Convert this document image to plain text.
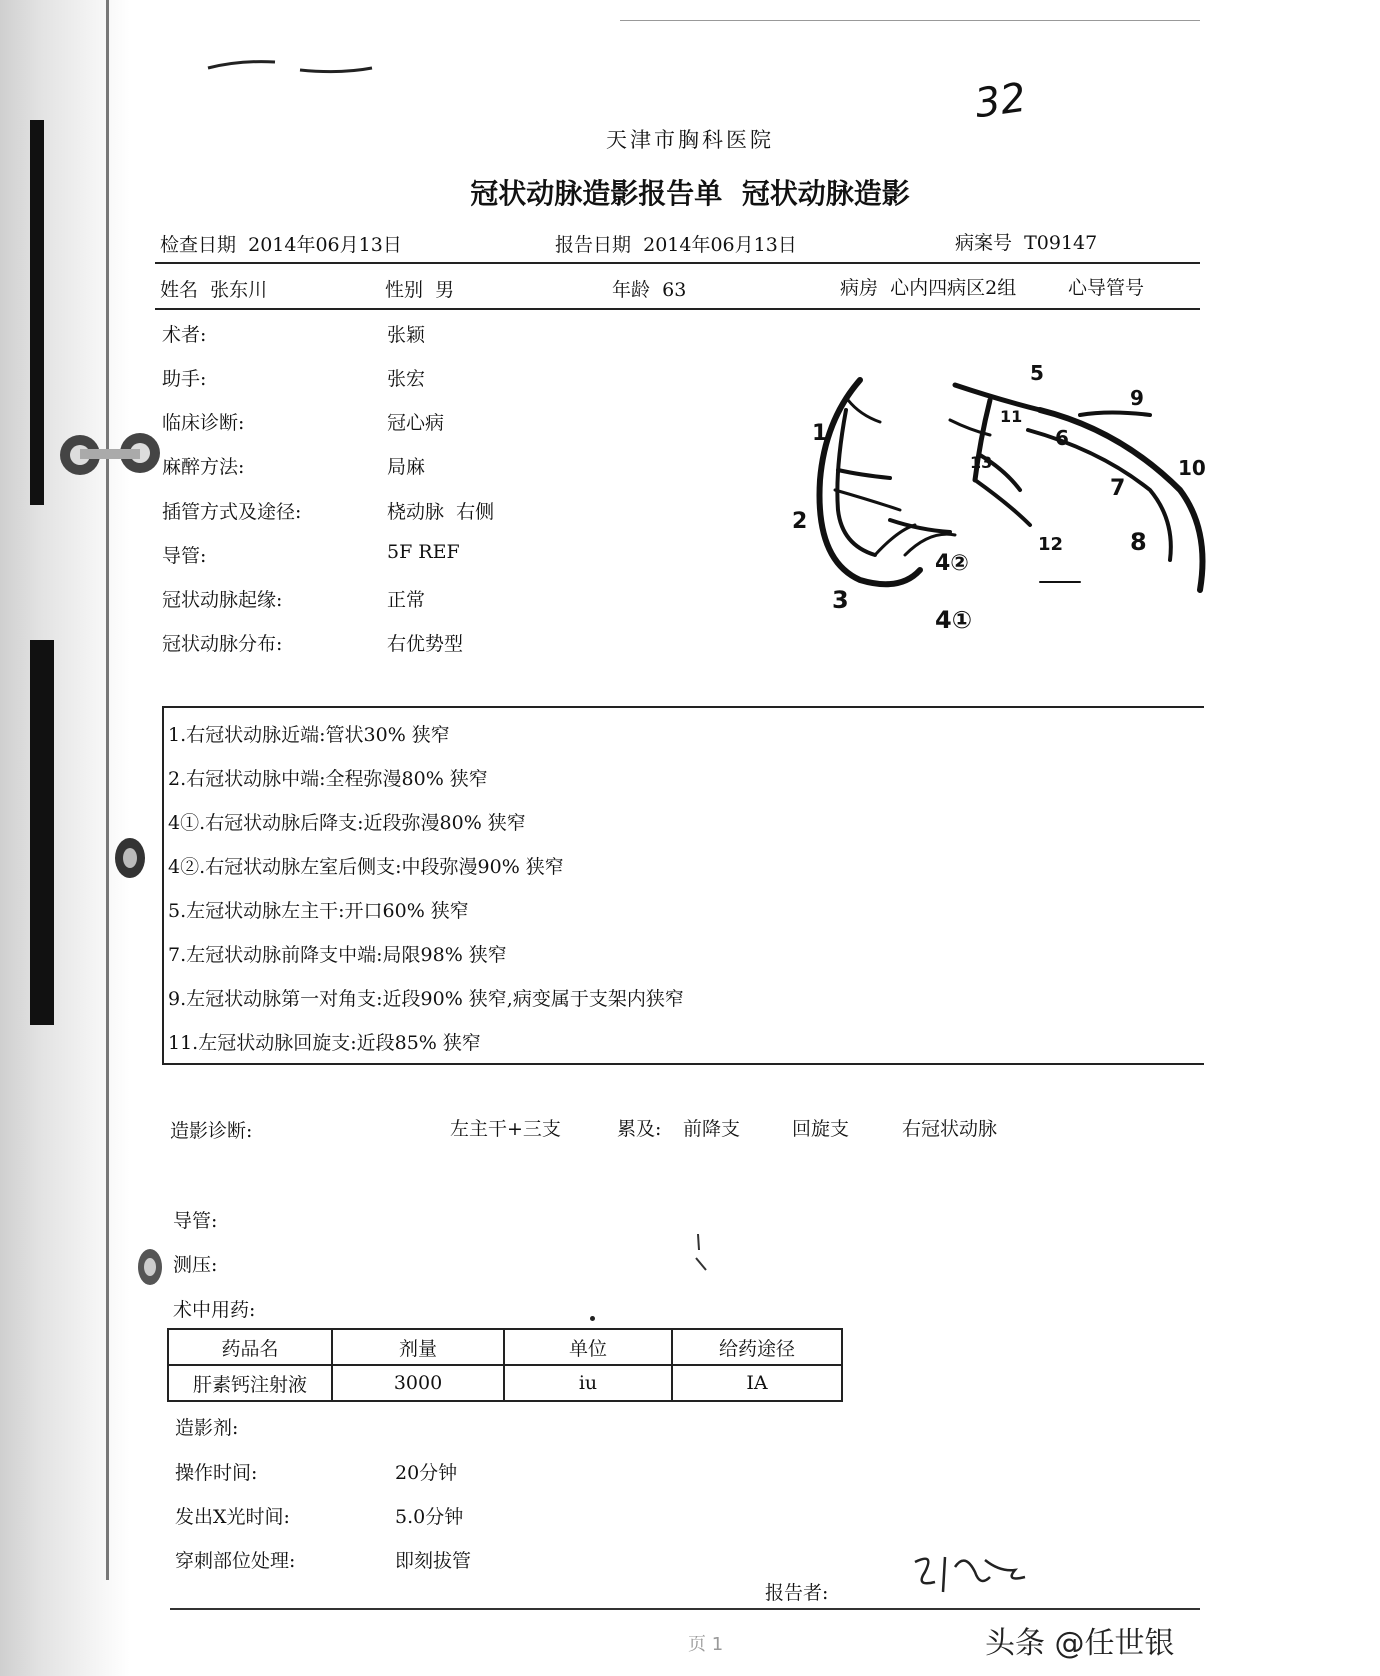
32
天津市胸科医院
冠状动脉造影报告单  冠状动脉造影
检查日期 2014年06月13日	报告日期 2014年06月13日	病案号 T09147
姓名 张东川	性别 男	年龄 63	病房 心内四病区2组	心导管号
术者:	张颖
助手:	张宏
临床诊断:	冠心病
麻醉方法:	局麻
插管方式及途径:	桡动脉  右侧
导管:	5F REF
冠状动脉起缘:	正常
冠状动脉分布:	右优势型
1
2
3
4①
4②
5
6
7
8
9
10
11
12
13
1.右冠状动脉近端:管状30% 狭窄
2.右冠状动脉中端:全程弥漫80% 狭窄
4①.右冠状动脉后降支:近段弥漫80% 狭窄
4②.右冠状动脉左室后侧支:中段弥漫90% 狭窄
5.左冠状动脉左主干:开口60% 狭窄
7.左冠状动脉前降支中端:局限98% 狭窄
9.左冠状动脉第一对角支:近段90% 狭窄,病变属于支架内狭窄
11.左冠状动脉回旋支:近段85% 狭窄
造影诊断:	左主干+三支	累及: 前降支	回旋支	右冠状动脉
导管:
测压:
术中用药:
药品名	剂量	单位	给药途径
肝素钙注射液	3000	iu	IA
造影剂:
操作时间:	20分钟
发出X光时间:	5.0分钟
穿刺部位处理:	即刻拔管
报告者:
页 1	头条 @任世银
